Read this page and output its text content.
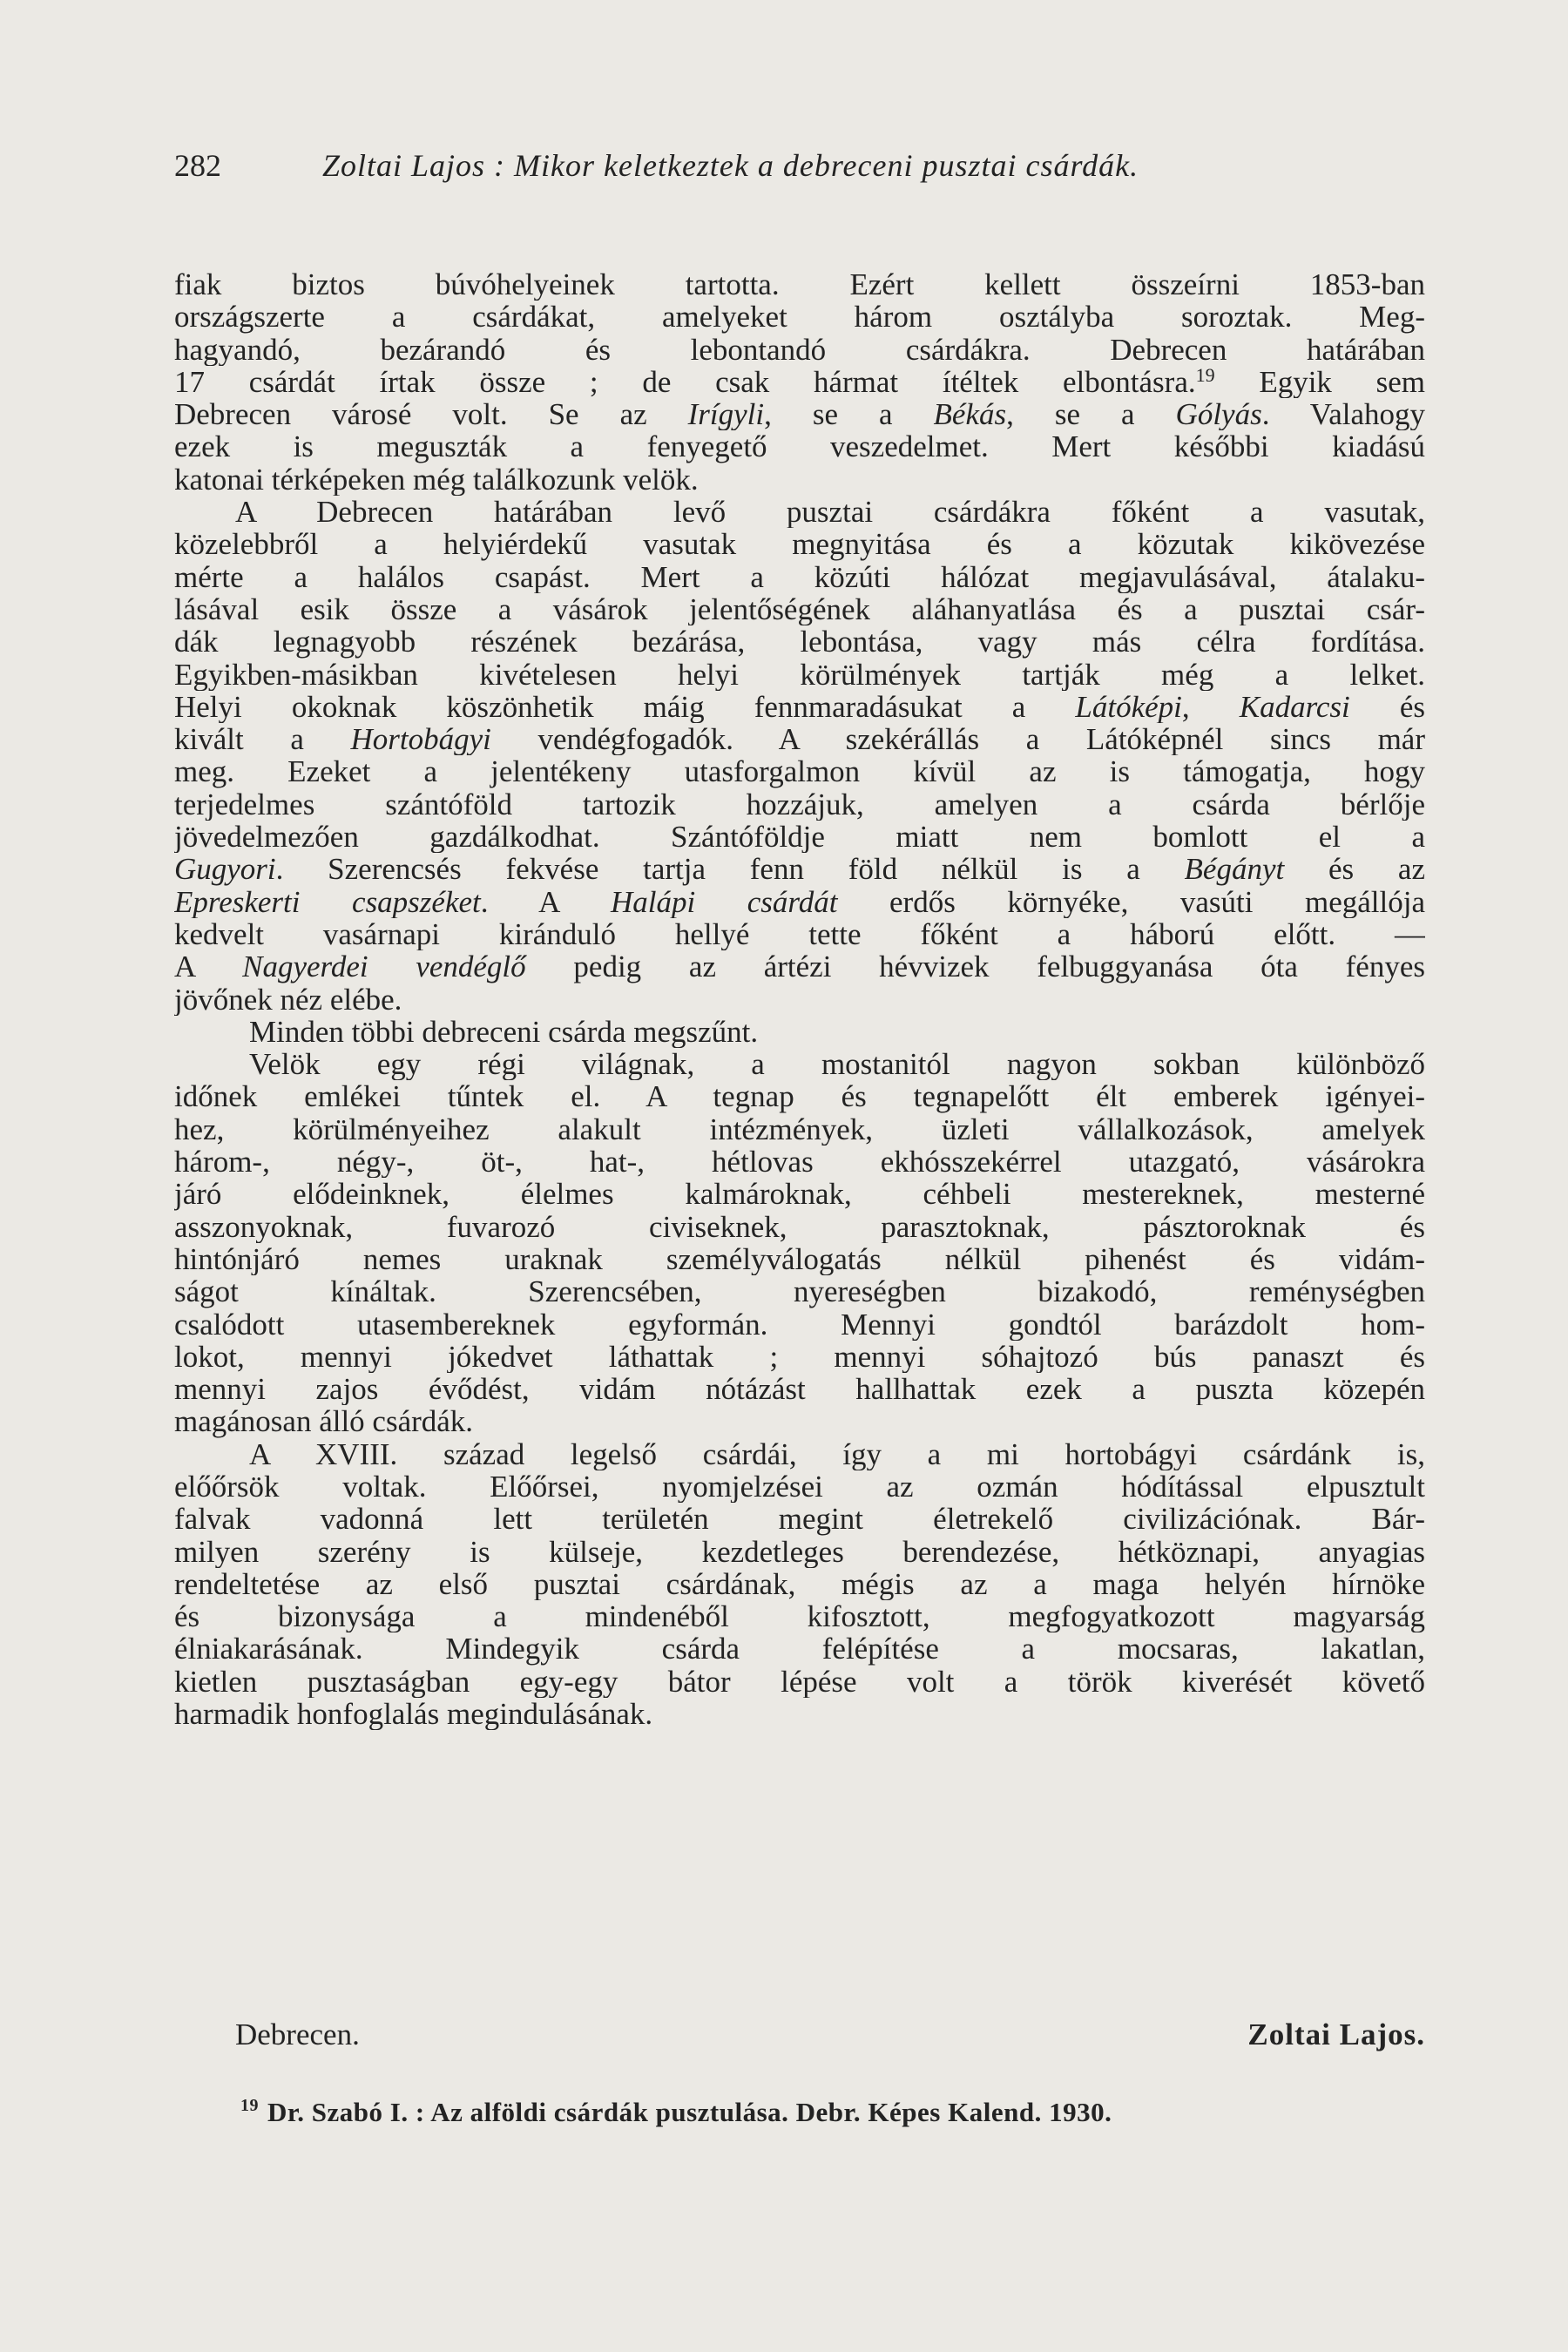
282	Zoltai Lajos : Mikor keletkeztek a debreceni pusztai csárdák.
fiak biztos búvóhelyeinek tartotta. Ezért kellett összeírni 1853-ban
országszerte a csárdákat, amelyeket három osztályba soroztak. Meg-
hagyandó, bezárandó és lebontandó csárdákra. Debrecen határában
17 csárdát írtak össze ; de csak hármat ítéltek elbontásra.$^{19}$ Egyik sem
Debrecen városé volt. Se az Irígyli, se a Békás, se a Gólyás. Valahogy
ezek is meguszták a fenyegető veszedelmet. Mert későbbi kiadású
katonai térképeken még találkozunk velök.
A Debrecen határában levő pusztai csárdákra főként a vasutak,
közelebbről a helyiérdekű vasutak megnyitása és a közutak kikövezése
mérte a halálos csapást. Mert a közúti hálózat megjavulásával, átalaku-
lásával esik össze a vásárok jelentőségének aláhanyatlása és a pusztai csár-
dák legnagyobb részének bezárása, lebontása, vagy más célra fordítása.
Egyikben-másikban kivételesen helyi körülmények tartják még a lelket.
Helyi okoknak köszönhetik máig fennmaradásukat a Látóképi, Kadarcsi és
kivált a Hortobágyi vendégfogadók. A szekérállás a Látóképnél sincs már
meg. Ezeket a jelentékeny utasforgalmon kívül az is támogatja, hogy
terjedelmes szántóföld tartozik hozzájuk, amelyen a csárda bérlője
jövedelmezően gazdálkodhat. Szántóföldje miatt nem bomlott el a
Gugyori. Szerencsés fekvése tartja fenn föld nélkül is a Bégányt és az
Epreskerti csapszéket. A Halápi csárdát erdős környéke, vasúti megállója
kedvelt vasárnapi kiránduló hellyé tette főként a háború előtt. —
A Nagyerdei vendéglő pedig az ártézi hévvizek felbuggyanása óta fényes
jövőnek néz elébe.
Minden többi debreceni csárda megszűnt.
Velök egy régi világnak, a mostanitól nagyon sokban különböző
időnek emlékei tűntek el. A tegnap és tegnapelőtt élt emberek igényei-
hez, körülményeihez alakult intézmények, üzleti vállalkozások, amelyek
három-, négy-, öt-, hat-, hétlovas ekhósszekérrel utazgató, vásárokra
járó elődeinknek, élelmes kalmároknak, céhbeli mestereknek, mesterné
asszonyoknak, fuvarozó civiseknek, parasztoknak, pásztoroknak és
hintónjáró nemes uraknak személyválogatás nélkül pihenést és vidám-
ságot kínáltak. Szerencsében, nyereségben bizakodó, reménységben
csalódott utasembereknek egyformán. Mennyi gondtól barázdolt hom-
lokot, mennyi jókedvet láthattak ; mennyi sóhajtozó bús panaszt és
mennyi zajos évődést, vidám nótázást hallhattak ezek a puszta közepén
magánosan álló csárdák.
A XVIII. század legelső csárdái, így a mi hortobágyi csárdánk is,
előőrsök voltak. Előőrsei, nyomjelzései az ozmán hódítással elpusztult
falvak vadonná lett területén megint életrekelő civilizációnak. Bár-
milyen szerény is külseje, kezdetleges berendezése, hétköznapi, anyagias
rendeltetése az első pusztai csárdának, mégis az a maga helyén hírnöke
és bizonysága a mindenéből kifosztott, megfogyatkozott magyarság
élniakarásának. Mindegyik csárda felépítése a mocsaras, lakatlan,
kietlen pusztaságban egy-egy bátor lépése volt a török kiverését követő
harmadik honfoglalás megindulásának.
Debrecen.	Zoltai Lajos.
$^{19}$ Dr. Szabó I. : Az alföldi csárdák pusztulása. Debr. Képes Kalend. 1930.
